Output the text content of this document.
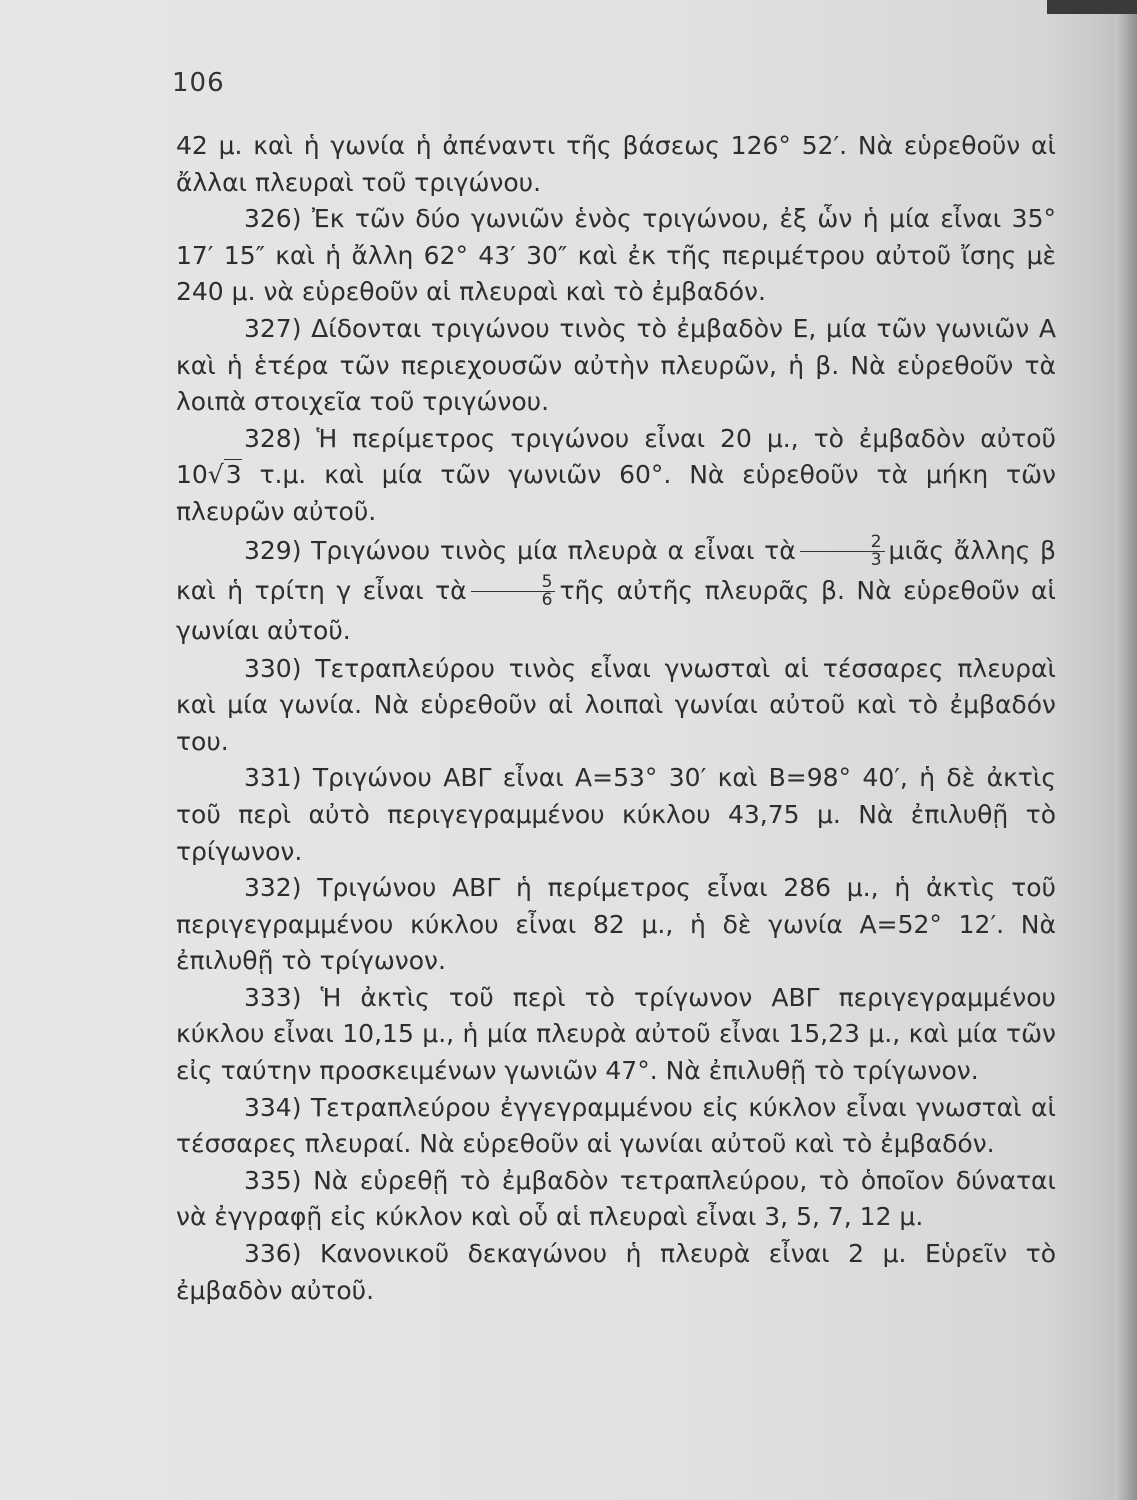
106

42 μ. καὶ ἡ γωνία ἡ ἀπέναντι τῆς βάσεως 126° 52′. Νὰ εὑρεθοῦν αἱ ἄλλαι πλευραὶ τοῦ τριγώνου.

326) Ἐκ τῶν δύο γωνιῶν ἑνὸς τριγώνου, ἐξ ὧν ἡ μία εἶναι 35° 17′ 15″ καὶ ἡ ἄλλη 62° 43′ 30″ καὶ ἐκ τῆς περιμέτρου αὐτοῦ ἴσης μὲ 240 μ. νὰ εὑρεθοῦν αἱ πλευραὶ καὶ τὸ ἐμβαδόν.

327) Δίδονται τριγώνου τινὸς τὸ ἐμβαδὸν Ε, μία τῶν γωνιῶν Α καὶ ἡ ἑτέρα τῶν περιεχουσῶν αὐτὴν πλευρῶν, ἡ β. Νὰ εὑρεθοῦν τὰ λοιπὰ στοιχεῖα τοῦ τριγώνου.

328) Ἡ περίμετρος τριγώνου εἶναι 20 μ., τὸ ἐμβαδὸν αὐτοῦ 10√3 τ.μ. καὶ μία τῶν γωνιῶν 60°. Νὰ εὑρεθοῦν τὰ μήκη τῶν πλευρῶν αὐτοῦ.

329) Τριγώνου τινὸς μία πλευρὰ α εἶναι τὰ $\frac{2}{3}$ μιᾶς ἄλλης β καὶ ἡ τρίτη γ εἶναι τὰ $\frac{5}{6}$ τῆς αὐτῆς πλευρᾶς β. Νὰ εὑρεθοῦν αἱ γωνίαι αὐτοῦ.

330) Τετραπλεύρου τινὸς εἶναι γνωσταὶ αἱ τέσσαρες πλευραὶ καὶ μία γωνία. Νὰ εὑρεθοῦν αἱ λοιπαὶ γωνίαι αὐτοῦ καὶ τὸ ἐμβαδόν του.

331) Τριγώνου ΑΒΓ εἶναι Α=53° 30′ καὶ Β=98° 40′, ἡ δὲ ἀκτὶς τοῦ περὶ αὐτὸ περιγεγραμμένου κύκλου 43,75 μ. Νὰ ἐπιλυθῇ τὸ τρίγωνον.

332) Τριγώνου ΑΒΓ ἡ περίμετρος εἶναι 286 μ., ἡ ἀκτὶς τοῦ περιγεγραμμένου κύκλου εἶναι 82 μ., ἡ δὲ γωνία Α=52° 12′. Νὰ ἐπιλυθῇ τὸ τρίγωνον.

333) Ἡ ἀκτὶς τοῦ περὶ τὸ τρίγωνον ΑΒΓ περιγεγραμμένου κύκλου εἶναι 10,15 μ., ἡ μία πλευρὰ αὐτοῦ εἶναι 15,23 μ., καὶ μία τῶν εἰς ταύτην προσκειμένων γωνιῶν 47°. Νὰ ἐπιλυθῇ τὸ τρίγωνον.

334) Τετραπλεύρου ἐγγεγραμμένου εἰς κύκλον εἶναι γνωσταὶ αἱ τέσσαρες πλευραί. Νὰ εὑρεθοῦν αἱ γωνίαι αὐτοῦ καὶ τὸ ἐμβαδόν.

335) Νὰ εὑρεθῇ τὸ ἐμβαδὸν τετραπλεύρου, τὸ ὁποῖον δύναται νὰ ἐγγραφῇ εἰς κύκλον καὶ οὗ αἱ πλευραὶ εἶναι 3, 5, 7, 12 μ.

336) Κανονικοῦ δεκαγώνου ἡ πλευρὰ εἶναι 2 μ. Εὑρεῖν τὸ ἐμβαδὸν αὐτοῦ.
